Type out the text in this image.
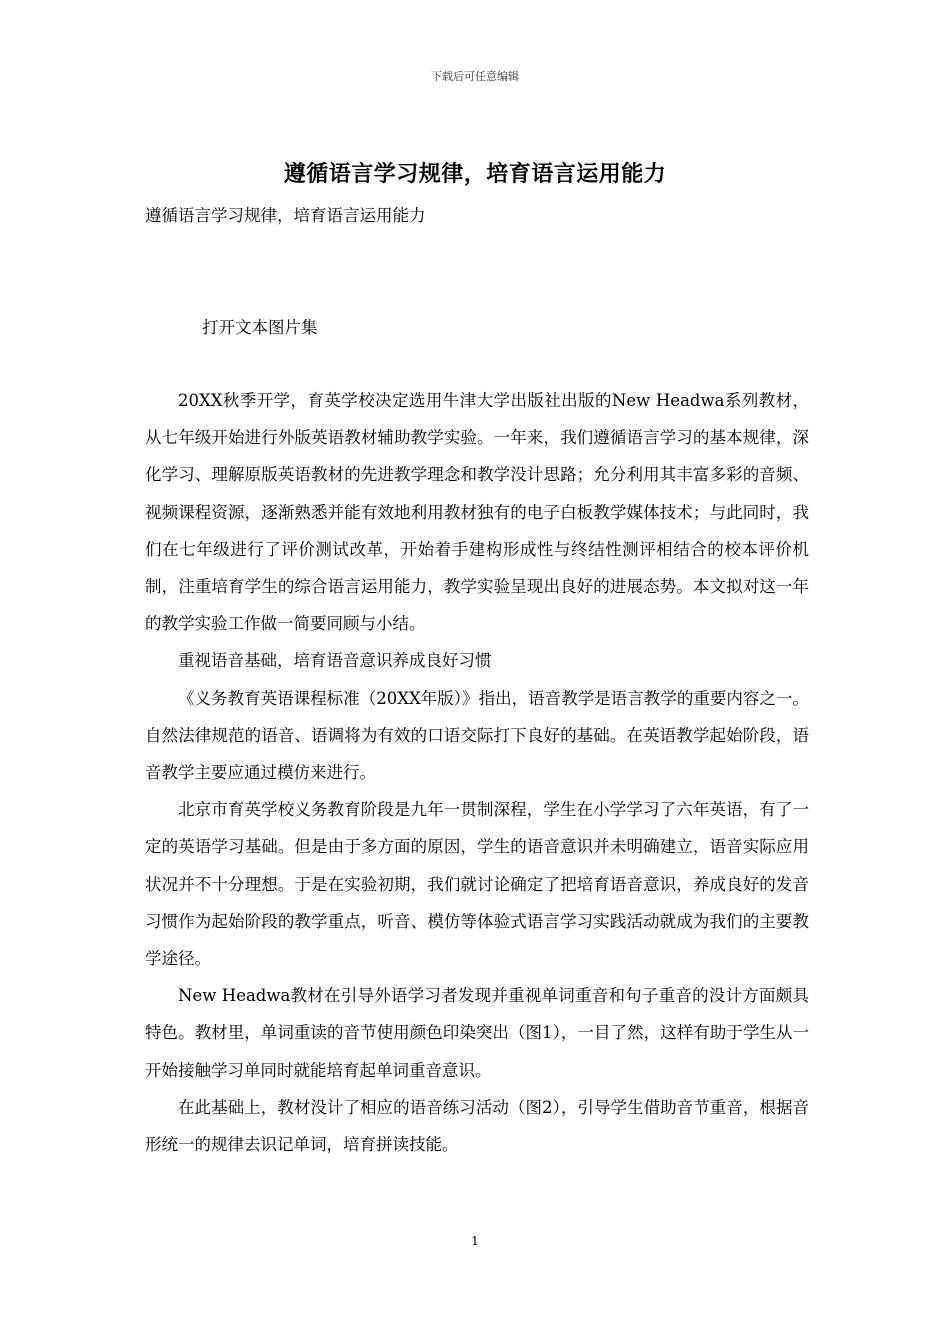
下载后可任意编辑
遵循语言学习规律，培育语言运用能力
遵循语言学习规律，培育语言运用能力
打开文本图片集

20XX秋季开学，育英学校决定选用牛津大学出版社出版的New Headwa系列教材，从七年级开始进行外版英语教材辅助教学实验。一年来，我们遵循语言学习的基本规律，深化学习、理解原版英语教材的先进教学理念和教学没计思路；允分利用其丰富多彩的音频、视频课程资源，逐渐熟悉并能有效地利用教材独有的电子白板教学媒体技术；与此同时，我们在七年级进行了评价测试改革，开始着手建构形成性与终结性测评相结合的校本评价机制，注重培育学生的综合语言运用能力，教学实验呈现出良好的进展态势。本文拟对这一年的教学实验工作做一简要同顾与小结。

重视语音基础，培育语音意识养成良好习惯

《义务教育英语课程标准（20XX年版）》指出，语音教学是语言教学的重要内容之一。自然法律规范的语音、语调将为有效的口语交际打下良好的基础。在英语教学起始阶段，语音教学主要应通过模仿来进行。

北京市育英学校义务教育阶段是九年一贯制深程，学生在小学学习了六年英语，有了一定的英语学习基础。但是由于多方面的原因，学生的语音意识并未明确建立，语音实际应用状况并不十分理想。于是在实验初期，我们就讨论确定了把培育语音意识，养成良好的发音习惯作为起始阶段的教学重点，听音、模仿等体验式语言学习实践活动就成为我们的主要教学途径。

New Headwa教材在引导外语学习者发现并重视单词重音和句子重音的没计方面颇具特色。教材里，单词重读的音节使用颜色印染突出（图1），一目了然，这样有助于学生从一开始接触学习单同时就能培育起单词重音意识。

在此基础上，教材没计了相应的语音练习活动（图2），引导学生借助音节重音，根据音形统一的规律去识记单词，培育拼读技能。

1
